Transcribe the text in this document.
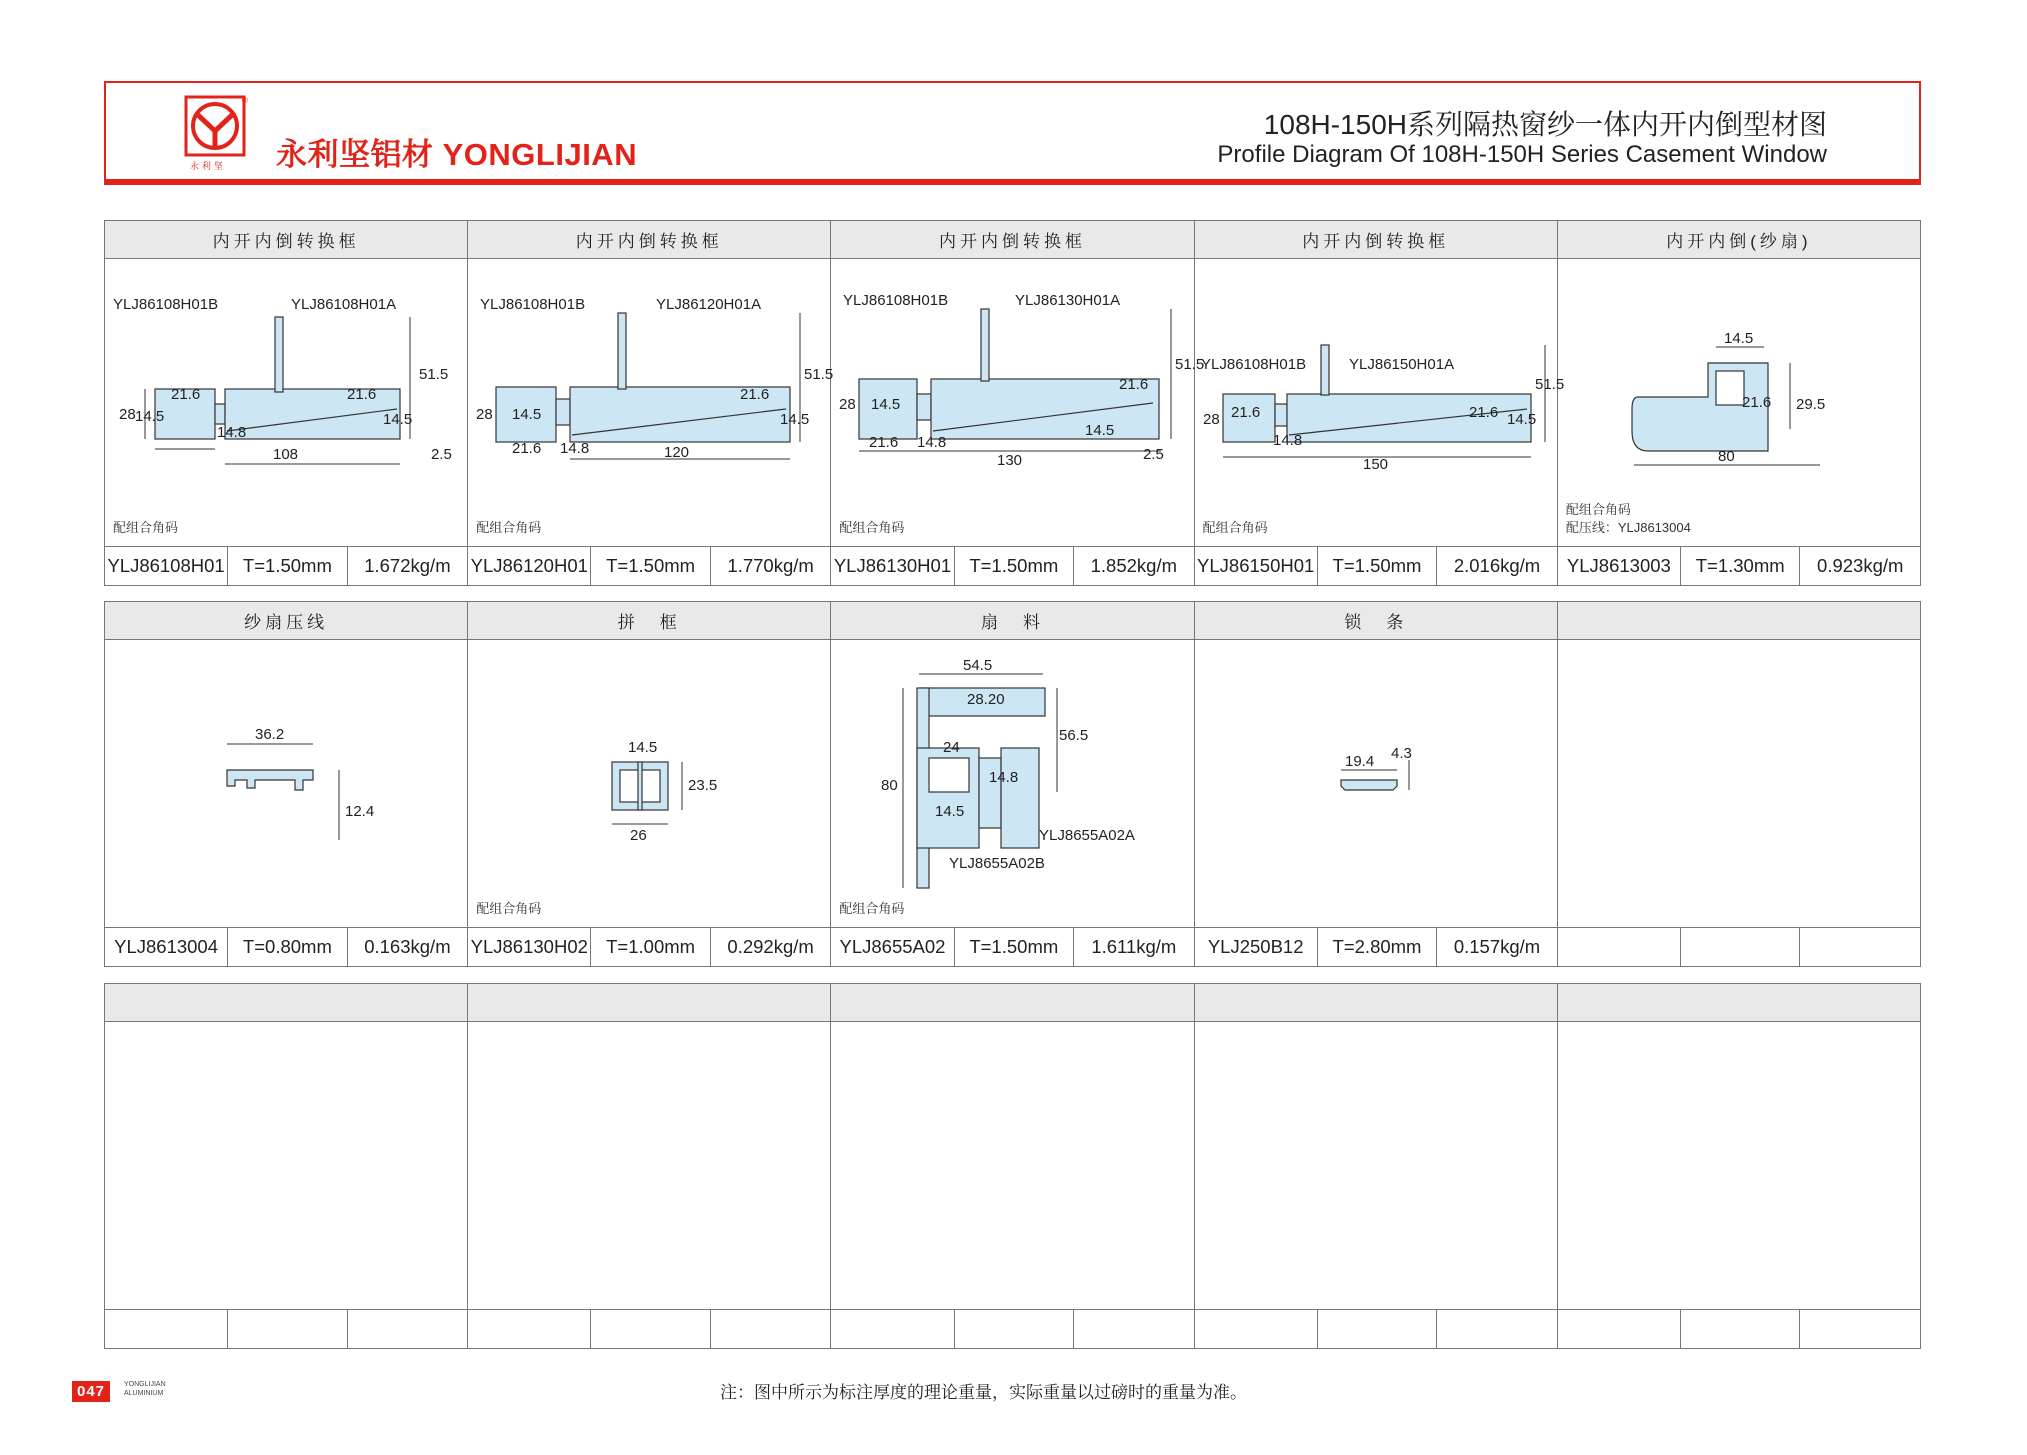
永 利 坚
®
永利坚铝材 YONGLIJIAN
108H-150H系列隔热窗纱一体内开内倒型材图
Profile Diagram Of 108H-150H Series Casement Window
内开内倒转换框	内开内倒转换框	内开内倒转换框	内开内倒转换框	内开内倒(纱扇)
YLJ86108H01B	YLJ86108H01A
28 14.5
21.6
14.8
21.6
14.5
51.5
108	2.5
配组合角码
YLJ86108H01B	YLJ86120H01A
28 14.5
21.6 14.8
21.6
14.5
51.5
120
配组合角码
YLJ86108H01B	YLJ86130H01A
28 14.5
21.6 14.8
21.6
14.5
51.5
130	2.5
配组合角码
YLJ86108H01B	YLJ86150H01A
28 21.6
14.8
21.6 14.5
51.5
150
配组合角码
14.5
21.6 29.5
80
配组合角码
配压线：YLJ8613004
YLJ86108H01 T=1.50mm	1.672kg/m	YLJ86120H01 T=1.50mm	1.770kg/m	YLJ86130H01 T=1.50mm	1.852kg/m	YLJ86150H01 T=1.50mm	2.016kg/m	YLJ8613003	T=1.30mm	0.923kg/m
纱扇压线	拼　框	扇　料	锁　条
36.2
12.4
14.5
23.5
26
配组合角码
54.5
28.20
56.5
80
24
14.8
14.5
YLJ8655A02A
YLJ8655A02B
配组合角码
19.4 4.3
YLJ8613004	T=0.80mm	0.163kg/m	YLJ86130H02 T=1.00mm	0.292kg/m	YLJ8655A02	T=1.50mm	1.611kg/m	YLJ250B12	T=2.80mm	0.157kg/m
047	YONGLIJIAN
ALUMINIUM	注：图中所示为标注厚度的理论重量，实际重量以过磅时的重量为准。
